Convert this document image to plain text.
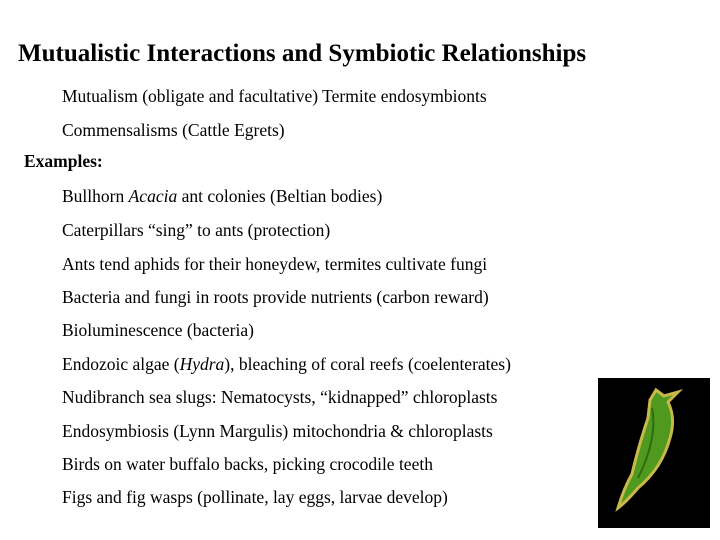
Mutualistic Interactions and Symbiotic Relationships
Mutualism (obligate and facultative) Termite endosymbionts
Commensalisms (Cattle Egrets)
Examples:
Bullhorn Acacia ant colonies (Beltian bodies)
Caterpillars “sing” to ants (protection)
Ants tend aphids for their honeydew, termites cultivate fungi
Bacteria and fungi in roots provide nutrients (carbon reward)
Bioluminescence (bacteria)
Endozoic algae (Hydra), bleaching of coral reefs (coelenterates)
Nudibranch sea slugs: Nematocysts, “kidnapped” chloroplasts
Endosymbiosis (Lynn Margulis) mitochondria & chloroplasts
Birds on water buffalo backs, picking crocodile teeth
Figs and fig wasps (pollinate, lay eggs, larvae develop)
